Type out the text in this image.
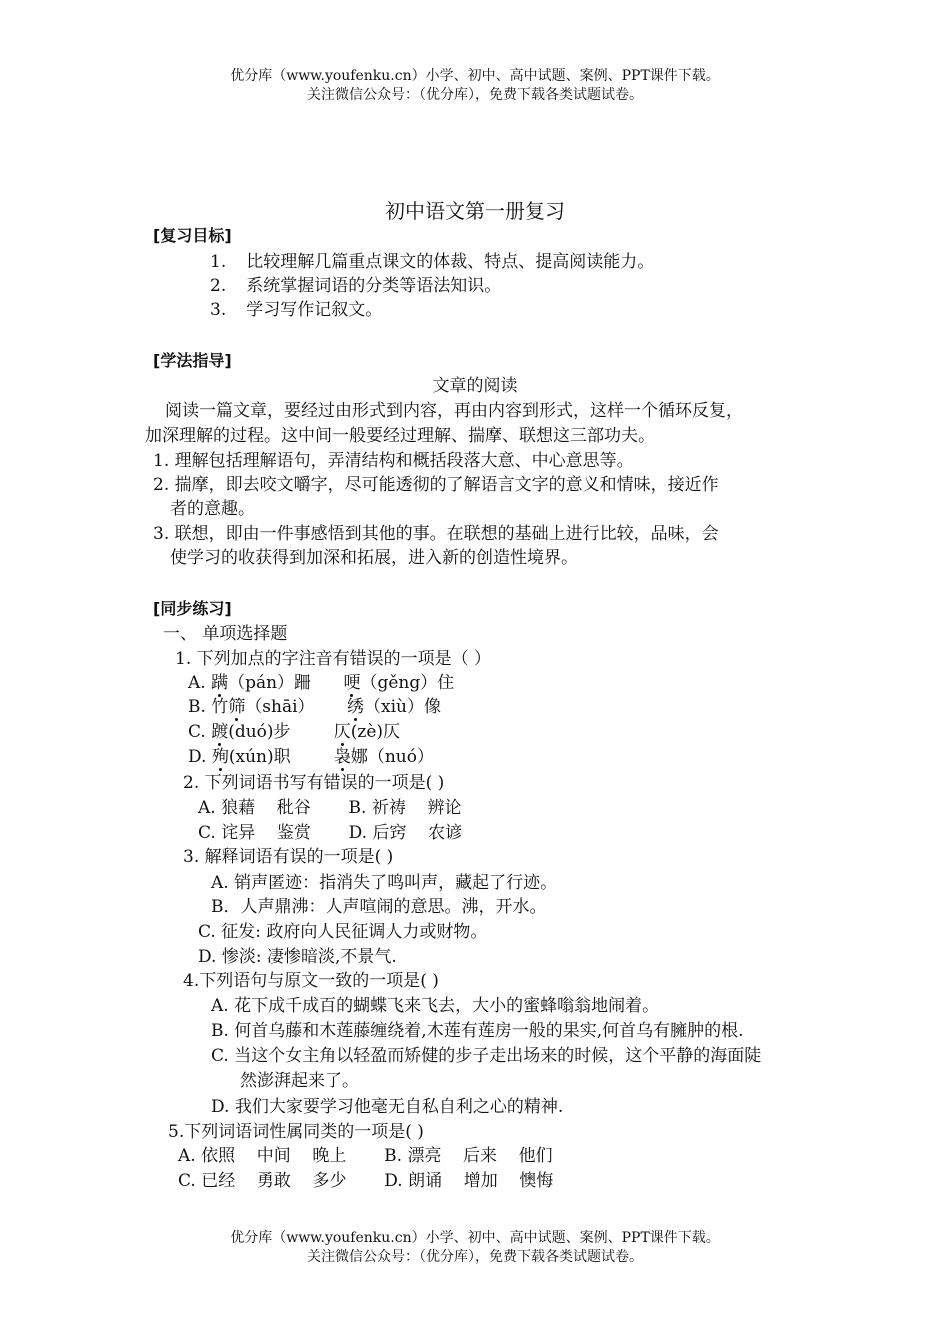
优分库（www.youfenku.cn）小学、初中、高中试题、案例、PPT课件下载。
关注微信公众号：（优分库），免费下载各类试题试卷。
初中语文第一册复习
[复习目标]
1. 比较理解几篇重点课文的体裁、特点、提高阅读能力。
2. 系统掌握词语的分类等语法知识。
3. 学习写作记叙文。
[学法指导]
文章的阅读
阅读一篇文章，要经过由形式到内容，再由内容到形式，这样一个循环反复，
加深理解的过程。这中间一般要经过理解、揣摩、联想这三部功夫。
1. 理解包括理解语句，弄清结构和概括段落大意、中心意思等。
2. 揣摩，即去咬文嚼字，尽可能透彻的了解语言文字的意义和情味，接近作
者的意趣。
3. 联想，即由一件事感悟到其他的事。在联想的基础上进行比较，品味，会
使学习的收获得到加深和拓展，进入新的创造性境界。
[同步练习]
一、 单项选择题
1. 下列加点的字注音有错误的一项是（ ）
A. 蹒（pán）跚      哽（gěng）住
B. 竹筛（shāi）      绣（xiù）像
C. 踱(duó)步        仄(zè)仄
D. 殉(xún)职        袅娜（nuó）
2. 下列词语书写有错误的一项是( )
A. 狼藉    秕谷       B. 祈祷    辨论
C. 诧异    鉴赏       D. 后窍    农谚
3. 解释词语有误的一项是( )
A. 销声匿迹：指消失了鸣叫声，藏起了行迹。
B．人声鼎沸：人声喧闹的意思。沸，开水。
C. 征发: 政府向人民征调人力或财物。
D. 惨淡: 凄惨暗淡,不景气.
4.下列语句与原文一致的一项是( )
A. 花下成千成百的蝴蝶飞来飞去，大小的蜜蜂嗡翁地闹着。
B. 何首乌藤和木莲藤缠绕着,木莲有莲房一般的果实,何首乌有臃肿的根.
C. 当这个女主角以轻盈而矫健的步子走出场来的时候，这个平静的海面陡
然澎湃起来了。
D. 我们大家要学习他毫无自私自利之心的精神.
5.下列词语词性属同类的一项是( )
A. 依照    中间    晚上       B. 漂亮    后来    他们
C. 已经    勇敢    多少       D. 朗诵    增加    懊悔
优分库（www.youfenku.cn）小学、初中、高中试题、案例、PPT课件下载。
关注微信公众号：（优分库），免费下载各类试题试卷。
